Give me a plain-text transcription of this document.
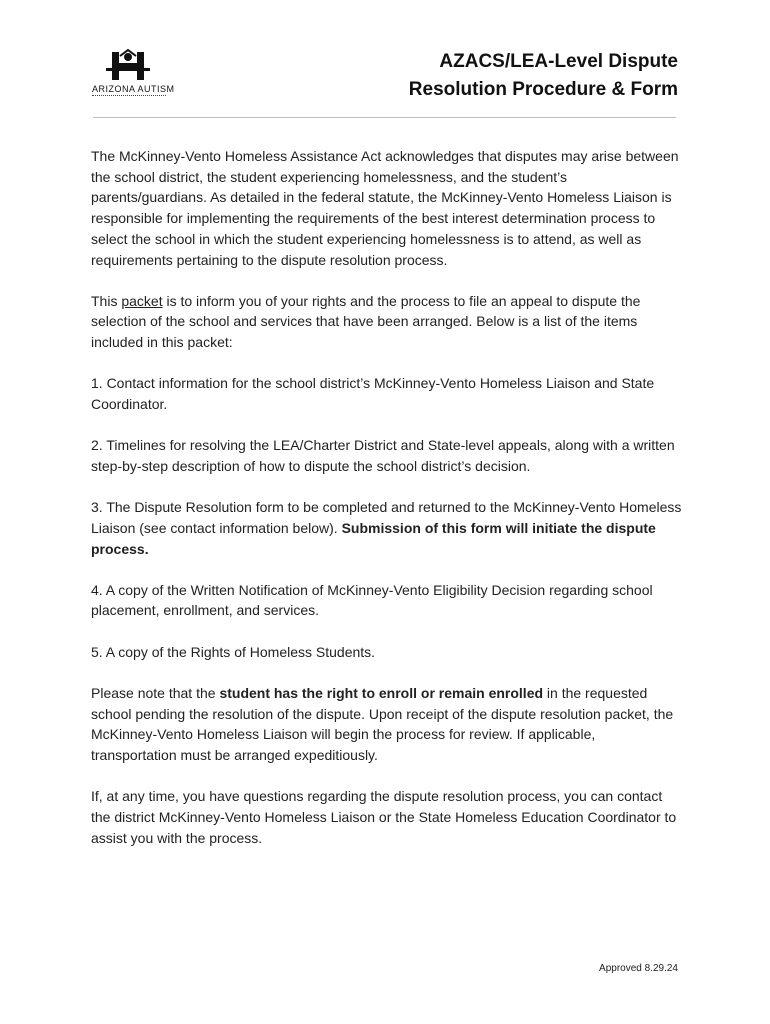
ARIZONA AUTISM
AZACS/LEA-Level Dispute
Resolution Procedure & Form

The McKinney-Vento Homeless Assistance Act acknowledges that disputes may arise between the school district, the student experiencing homelessness, and the student’s parents/guardians. As detailed in the federal statute, the McKinney-Vento Homeless Liaison is responsible for implementing the requirements of the best interest determination process to select the school in which the student experiencing homelessness is to attend, as well as requirements pertaining to the dispute resolution process.

This packet is to inform you of your rights and the process to file an appeal to dispute the selection of the school and services that have been arranged. Below is a list of the items included in this packet:

1. Contact information for the school district’s McKinney-Vento Homeless Liaison and State Coordinator.

2. Timelines for resolving the LEA/Charter District and State-level appeals, along with a written step-by-step description of how to dispute the school district’s decision.

3. The Dispute Resolution form to be completed and returned to the McKinney-Vento Homeless Liaison (see contact information below). Submission of this form will initiate the dispute process.

4. A copy of the Written Notification of McKinney-Vento Eligibility Decision regarding school placement, enrollment, and services.

5. A copy of the Rights of Homeless Students.

Please note that the student has the right to enroll or remain enrolled in the requested school pending the resolution of the dispute. Upon receipt of the dispute resolution packet, the McKinney-Vento Homeless Liaison will begin the process for review. If applicable, transportation must be arranged expeditiously.

If, at any time, you have questions regarding the dispute resolution process, you can contact the district McKinney-Vento Homeless Liaison or the State Homeless Education Coordinator to assist you with the process.

Approved 8.29.24
